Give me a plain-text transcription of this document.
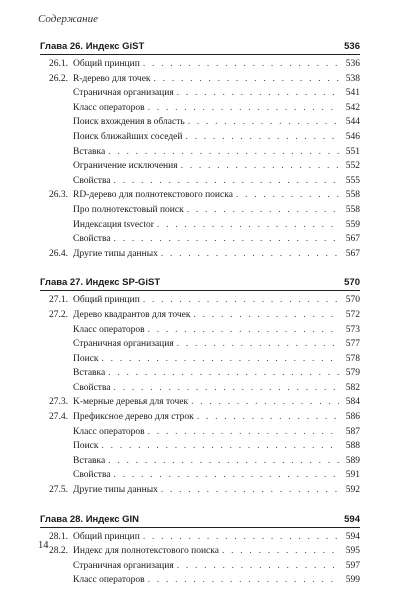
Содержание
Глава 26. Индекс GiST	536
26.1. Общий принцип . . .	536
26.2. R-дерево для точек . . .	538
Страничная организация . . .	541
Класс операторов . . .	542
Поиск вхождения в область . . .	544
Поиск ближайших соседей . . .	546
Вставка . . .	551
Ограничение исключения . . .	552
Свойства . . .	555
26.3. RD-дерево для полнотекстового поиска . . .	558
Про полнотекстовый поиск . . .	558
Индексация tsvector . . .	559
Свойства . . .	567
26.4. Другие типы данных . . .	567
Глава 27. Индекс SP-GiST	570
27.1. Общий принцип . . .	570
27.2. Дерево квадрантов для точек . . .	572
Класс операторов . . .	573
Страничная организация . . .	577
Поиск . . .	578
Вставка . . .	579
Свойства . . .	582
27.3. K-мерные деревья для точек . . .	584
27.4. Префиксное дерево для строк . . .	586
Класс операторов . . .	587
Поиск . . .	588
Вставка . . .	589
Свойства . . .	591
27.5. Другие типы данных . . .	592
Глава 28. Индекс GIN	594
28.1. Общий принцип . . .	594
28.2. Индекс для полнотекстового поиска . . .	595
Страничная организация . . .	597
Класс операторов . . .	599
14
